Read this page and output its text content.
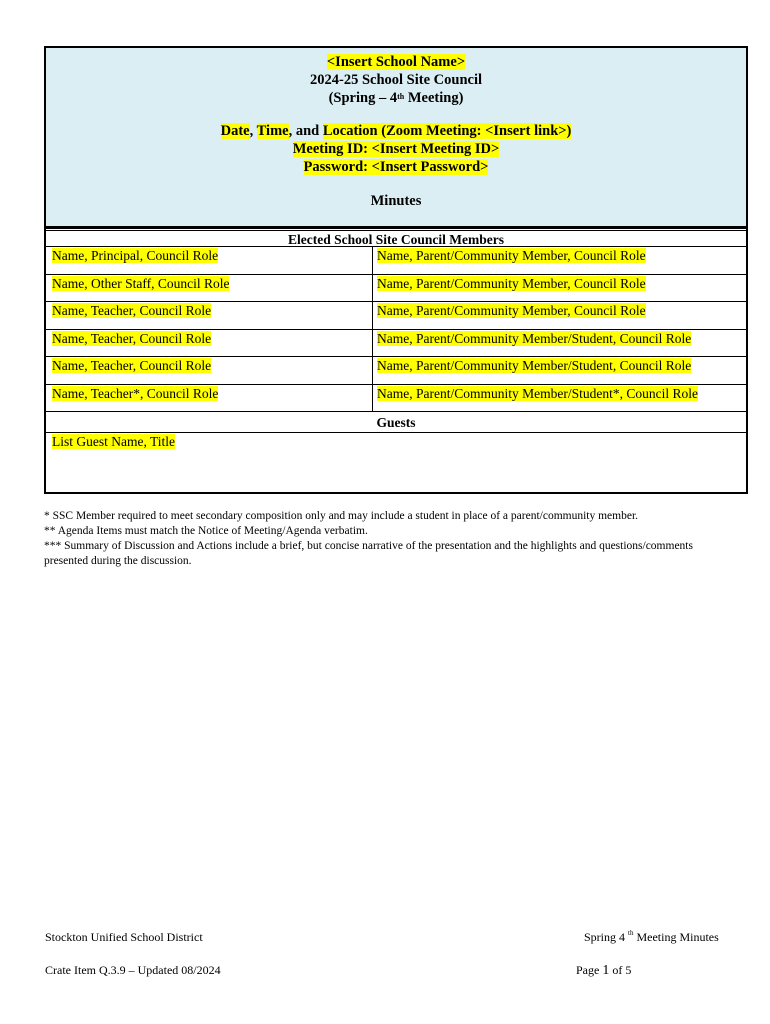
<Insert School Name>
2024-25 School Site Council
(Spring – 4th Meeting)
Date, Time, and Location (Zoom Meeting: <Insert link>)
Meeting ID: <Insert Meeting ID>
Password: <Insert Password>
Minutes
Elected School Site Council Members
Name, Principal, Council Role	Name, Parent/Community Member, Council Role
Name, Other Staff, Council Role	Name, Parent/Community Member, Council Role
Name, Teacher, Council Role	Name, Parent/Community Member, Council Role
Name, Teacher, Council Role	Name, Parent/Community Member/Student, Council Role
Name, Teacher, Council Role	Name, Parent/Community Member/Student, Council Role
Name, Teacher*, Council Role	Name, Parent/Community Member/Student*, Council Role
Guests
List Guest Name, Title
* SSC Member required to meet secondary composition only and may include a student in place of a parent/community member.
** Agenda Items must match the Notice of Meeting/Agenda verbatim.
*** Summary of Discussion and Actions include a brief, but concise narrative of the presentation and the highlights and questions/comments presented during the discussion.
Stockton Unified School District	Spring 4 $^{th}$ Meeting Minutes
Crate Item Q.3.9 – Updated 08/2024	Page 1 of 5
